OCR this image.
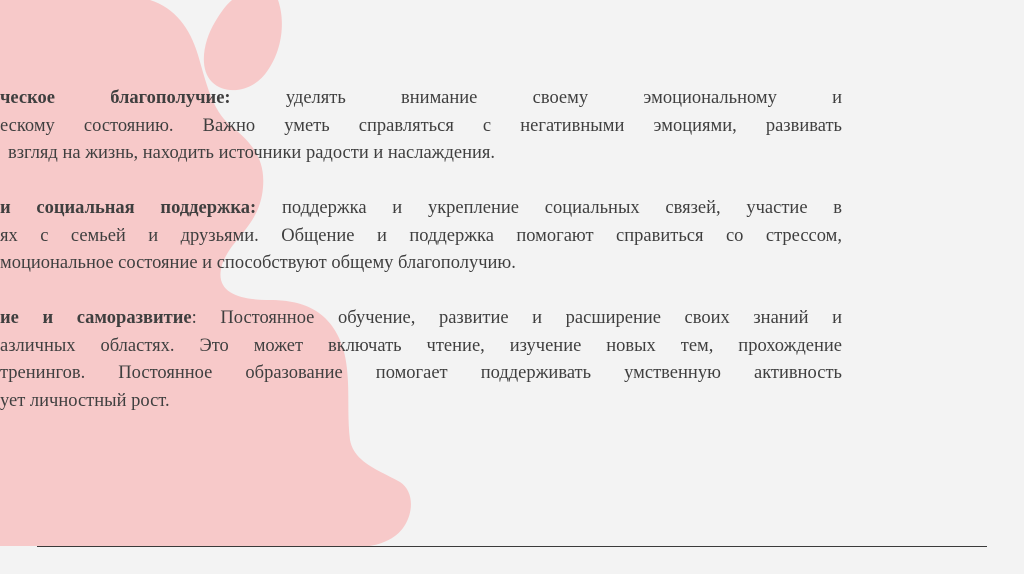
ческое благополучие: уделять внимание своему эмоциональному и
ескому состоянию. Важно уметь справляться с негативными эмоциями, развивать
взгляд на жизнь, находить источники радости и наслаждения.
и социальная поддержка: поддержка и укрепление социальных связей, участие в
ях с семьей и друзьями. Общение и поддержка помогают справиться со стрессом,
моциональное состояние и способствуют общему благополучию.
ие и саморазвитие: Постоянное обучение, развитие и расширение своих знаний и
азличных областях. Это может включать чтение, изучение новых тем, прохождение
тренингов. Постоянное образование помогает поддерживать умственную активность
ует личностный рост.
